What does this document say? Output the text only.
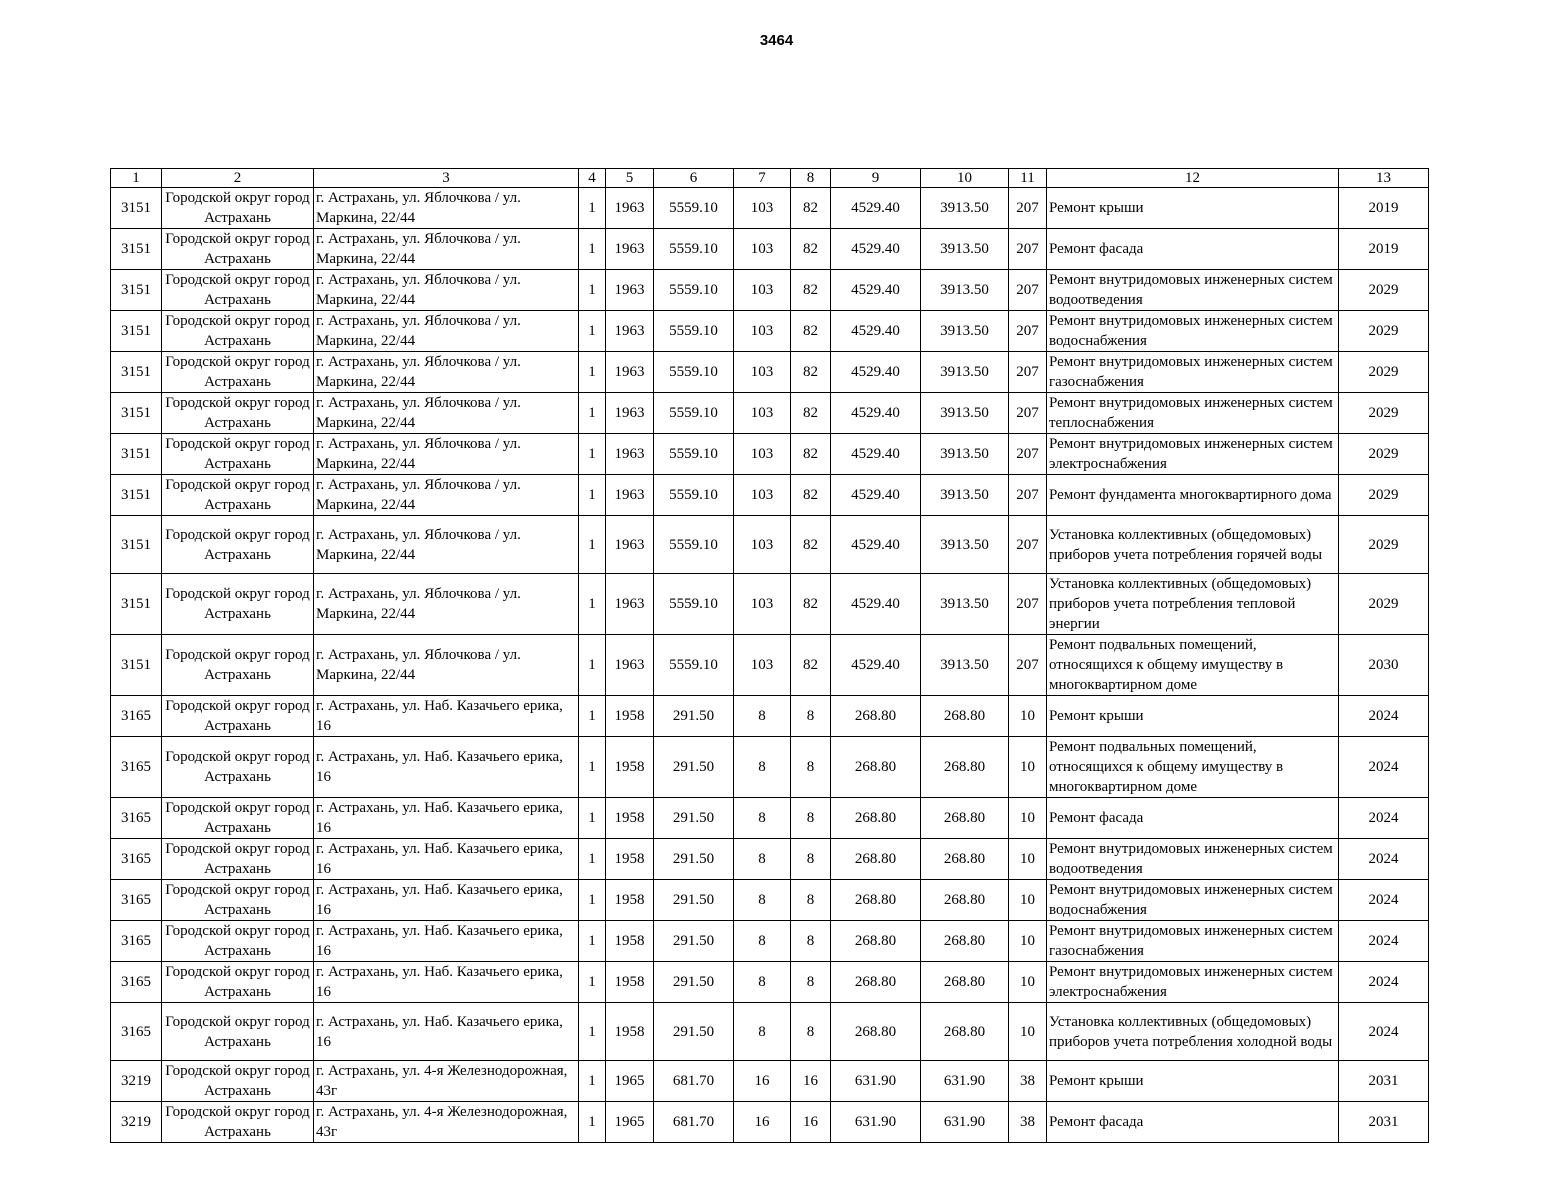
3464
1	2	3	4	5	6	7	8	9	10	11	12	13
3151	Городской округ город Астрахань	г. Астрахань, ул. Яблочкова / ул. Маркина, 22/44	1	1963	5559.10	103	82	4529.40	3913.50	207	Ремонт крыши	2019
3151	Городской округ город Астрахань	г. Астрахань, ул. Яблочкова / ул. Маркина, 22/44	1	1963	5559.10	103	82	4529.40	3913.50	207	Ремонт фасада	2019
3151	Городской округ город Астрахань	г. Астрахань, ул. Яблочкова / ул. Маркина, 22/44	1	1963	5559.10	103	82	4529.40	3913.50	207	Ремонт внутридомовых инженерных систем водоотведения	2029
3151	Городской округ город Астрахань	г. Астрахань, ул. Яблочкова / ул. Маркина, 22/44	1	1963	5559.10	103	82	4529.40	3913.50	207	Ремонт внутридомовых инженерных систем водоснабжения	2029
3151	Городской округ город Астрахань	г. Астрахань, ул. Яблочкова / ул. Маркина, 22/44	1	1963	5559.10	103	82	4529.40	3913.50	207	Ремонт внутридомовых инженерных систем газоснабжения	2029
3151	Городской округ город Астрахань	г. Астрахань, ул. Яблочкова / ул. Маркина, 22/44	1	1963	5559.10	103	82	4529.40	3913.50	207	Ремонт внутридомовых инженерных систем теплоснабжения	2029
3151	Городской округ город Астрахань	г. Астрахань, ул. Яблочкова / ул. Маркина, 22/44	1	1963	5559.10	103	82	4529.40	3913.50	207	Ремонт внутридомовых инженерных систем электроснабжения	2029
3151	Городской округ город Астрахань	г. Астрахань, ул. Яблочкова / ул. Маркина, 22/44	1	1963	5559.10	103	82	4529.40	3913.50	207	Ремонт фундамента многоквартирного дома	2029
3151	Городской округ город Астрахань	г. Астрахань, ул. Яблочкова / ул. Маркина, 22/44	1	1963	5559.10	103	82	4529.40	3913.50	207	Установка коллективных (общедомовых) приборов учета потребления горячей воды	2029
3151	Городской округ город Астрахань	г. Астрахань, ул. Яблочкова / ул. Маркина, 22/44	1	1963	5559.10	103	82	4529.40	3913.50	207	Установка коллективных (общедомовых) приборов учета потребления тепловой энергии	2029
3151	Городской округ город Астрахань	г. Астрахань, ул. Яблочкова / ул. Маркина, 22/44	1	1963	5559.10	103	82	4529.40	3913.50	207	Ремонт подвальных помещений, относящихся к общему имуществу в многоквартирном доме	2030
3165	Городской округ город Астрахань	г. Астрахань, ул. Наб. Казачьего ерика, 16	1	1958	291.50	8	8	268.80	268.80	10	Ремонт крыши	2024
3165	Городской округ город Астрахань	г. Астрахань, ул. Наб. Казачьего ерика, 16	1	1958	291.50	8	8	268.80	268.80	10	Ремонт подвальных помещений, относящихся к общему имуществу в многоквартирном доме	2024
3165	Городской округ город Астрахань	г. Астрахань, ул. Наб. Казачьего ерика, 16	1	1958	291.50	8	8	268.80	268.80	10	Ремонт фасада	2024
3165	Городской округ город Астрахань	г. Астрахань, ул. Наб. Казачьего ерика, 16	1	1958	291.50	8	8	268.80	268.80	10	Ремонт внутридомовых инженерных систем водоотведения	2024
3165	Городской округ город Астрахань	г. Астрахань, ул. Наб. Казачьего ерика, 16	1	1958	291.50	8	8	268.80	268.80	10	Ремонт внутридомовых инженерных систем водоснабжения	2024
3165	Городской округ город Астрахань	г. Астрахань, ул. Наб. Казачьего ерика, 16	1	1958	291.50	8	8	268.80	268.80	10	Ремонт внутридомовых инженерных систем газоснабжения	2024
3165	Городской округ город Астрахань	г. Астрахань, ул. Наб. Казачьего ерика, 16	1	1958	291.50	8	8	268.80	268.80	10	Ремонт внутридомовых инженерных систем электроснабжения	2024
3165	Городской округ город Астрахань	г. Астрахань, ул. Наб. Казачьего ерика, 16	1	1958	291.50	8	8	268.80	268.80	10	Установка коллективных (общедомовых) приборов учета потребления холодной воды	2024
3219	Городской округ город Астрахань	г. Астрахань, ул. 4-я Железнодорожная, 43г	1	1965	681.70	16	16	631.90	631.90	38	Ремонт крыши	2031
3219	Городской округ город Астрахань	г. Астрахань, ул. 4-я Железнодорожная, 43г	1	1965	681.70	16	16	631.90	631.90	38	Ремонт фасада	2031
